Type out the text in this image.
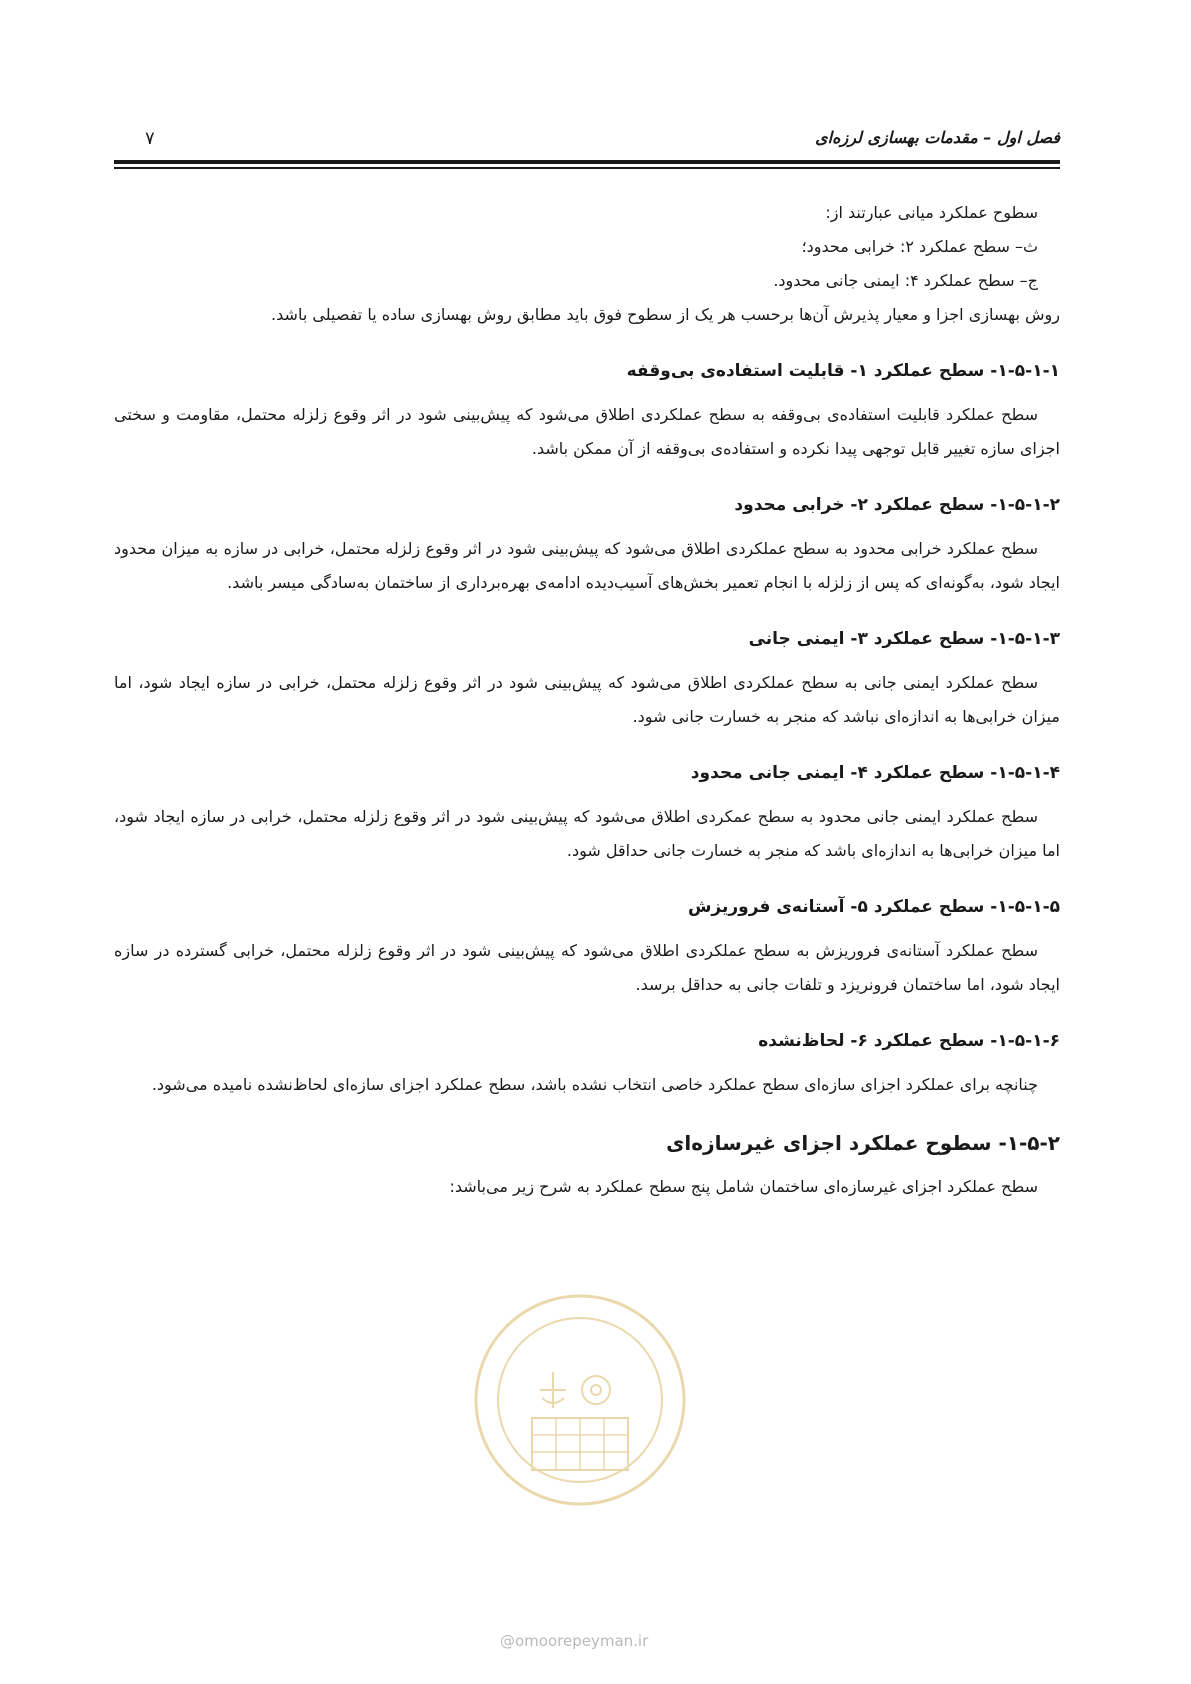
فصل اول – مقدمات بهسازی لرزه‌ای
۷

سطوح عملکرد میانی عبارتند از:

ث– سطح عملکرد ۲: خرابی محدود؛

ج– سطح عملکرد ۴: ایمنی جانی محدود.

روش بهسازی اجزا و معیار پذیرش آن‌ها برحسب هر یک از سطوح فوق باید مطابق روش بهسازی ساده یا تفصیلی باشد.

۱-۵-۱-۱- سطح عملکرد ۱- قابلیت استفاده‌ی بی‌وقفه

سطح عملکرد قابلیت استفاده‌ی بی‌وقفه به سطح عملکردی اطلاق می‌شود که پیش‌بینی شود در اثر وقوع زلزله محتمل، مقاومت و سختی اجزای سازه تغییر قابل توجهی پیدا نکرده و استفاده‌ی بی‌وقفه از آن ممکن باشد.

۱-۵-۱-۲- سطح عملکرد ۲- خرابی محدود

سطح عملکرد خرابی محدود به سطح عملکردی اطلاق می‌شود که پیش‌بینی شود در اثر وقوع زلزله محتمل، خرابی در سازه به میزان محدود ایجاد شود، به‌گونه‌ای که پس از زلزله با انجام تعمیر بخش‌های آسیب‌دیده ادامه‌ی بهره‌برداری از ساختمان به‌سادگی میسر باشد.

۱-۵-۱-۳- سطح عملکرد ۳- ایمنی جانی

سطح عملکرد ایمنی جانی به سطح عملکردی اطلاق می‌شود که پیش‌بینی شود در اثر وقوع زلزله محتمل، خرابی در سازه ایجاد شود، اما میزان خرابی‌ها به اندازه‌ای نباشد که منجر به خسارت جانی شود.

۱-۵-۱-۴- سطح عملکرد ۴- ایمنی جانی محدود

سطح عملکرد ایمنی جانی محدود به سطح عمکردی اطلاق می‌شود که پیش‌بینی شود در اثر وقوع زلزله محتمل، خرابی در سازه ایجاد شود، اما میزان خرابی‌ها به اندازه‌ای باشد که منجر به خسارت جانی حداقل شود.

۱-۵-۱-۵- سطح عملکرد ۵- آستانه‌ی فروریزش

سطح عملکرد آستانه‌ی فروریزش به سطح عملکردی اطلاق می‌شود که پیش‌بینی شود در اثر وقوع زلزله محتمل، خرابی گسترده در سازه ایجاد شود، اما ساختمان فرونریزد و تلفات جانی به حداقل برسد.

۱-۵-۱-۶- سطح عملکرد ۶- لحاظ‌نشده

چنانچه برای عملکرد اجزای سازه‌ای سطح عملکرد خاصی انتخاب نشده باشد، سطح عملکرد اجزای سازه‌ای لحاظ‌نشده نامیده می‌شود.

۱-۵-۲- سطوح عملکرد اجزای غیرسازه‌ای

سطح عملکرد اجزای غیرسازه‌ای ساختمان شامل پنج سطح عملکرد به شرح زیر می‌باشد:

@omoorepeyman.ir
